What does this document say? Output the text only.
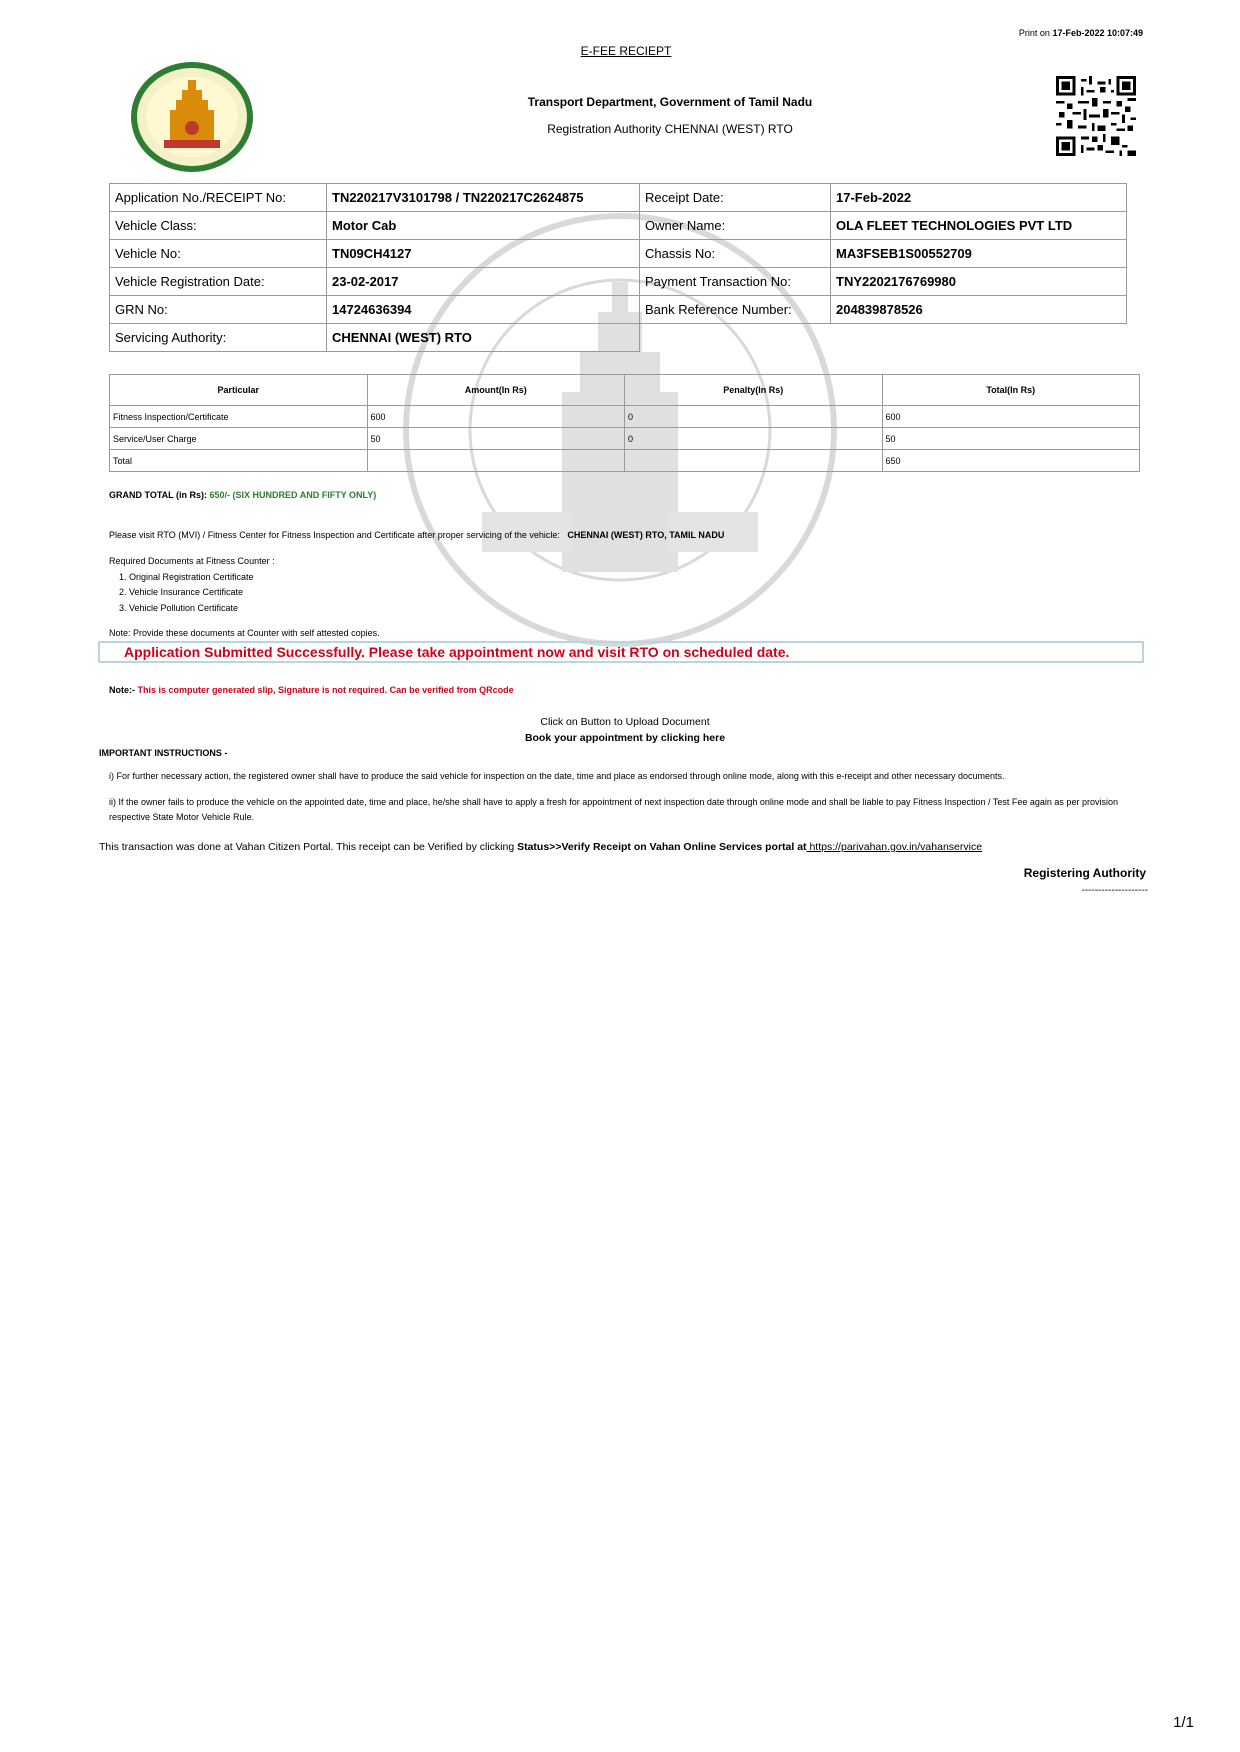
Print on 17-Feb-2022 10:07:49
E-FEE RECIEPT
Transport Department, Government of Tamil Nadu
Registration Authority CHENNAI (WEST) RTO
Application No./RECEIPT No:	TN220217V3101798 / TN220217C2624875	Receipt Date:	17-Feb-2022
Vehicle Class:	Motor Cab	Owner Name:	OLA FLEET TECHNOLOGIES PVT LTD
Vehicle No:	TN09CH4127	Chassis No:	MA3FSEB1S00552709
Vehicle Registration Date:	23-02-2017	Payment Transaction No:	TNY2202176769980
GRN No:	14724636394	Bank Reference Number:	204839878526
Servicing Authority:	CHENNAI (WEST) RTO		
Particular	Amount(In Rs)	Penalty(In Rs)	Total(In Rs)
Fitness Inspection/Certificate	600	0	600
Service/User Charge	50	0	50
Total			650
GRAND TOTAL (in Rs): 650/- (SIX HUNDRED AND FIFTY ONLY)
Please visit RTO (MVI) / Fitness Center for Fitness Inspection and Certificate after proper servicing of the vehicle: CHENNAI (WEST) RTO, TAMIL NADU
Required Documents at Fitness Counter :
1. Original Registration Certificate
2. Vehicle Insurance Certificate
3. Vehicle Pollution Certificate
Note: Provide these documents at Counter with self attested copies.
Application Submitted Successfully. Please take appointment now and visit RTO on scheduled date.
Note:- This is computer generated slip, Signature is not required. Can be verified from QRcode
Click on Button to Upload Document
Book your appointment by clicking here
IMPORTANT INSTRUCTIONS -
i) For further necessary action, the registered owner shall have to produce the said vehicle for inspection on the date, time and place as endorsed through online mode, along with this e-receipt and other necessary documents.
ii) If the owner fails to produce the vehicle on the appointed date, time and place, he/she shall have to apply a fresh for appointment of next inspection date through online mode and shall be liable to pay Fitness Inspection / Test Fee again as per provision respective State Motor Vehicle Rule.
This transaction was done at Vahan Citizen Portal. This receipt can be Verified by clicking Status>>Verify Receipt on Vahan Online Services portal at https://parivahan.gov.in/vahanservice
Registering Authority
--------------------
1/1
